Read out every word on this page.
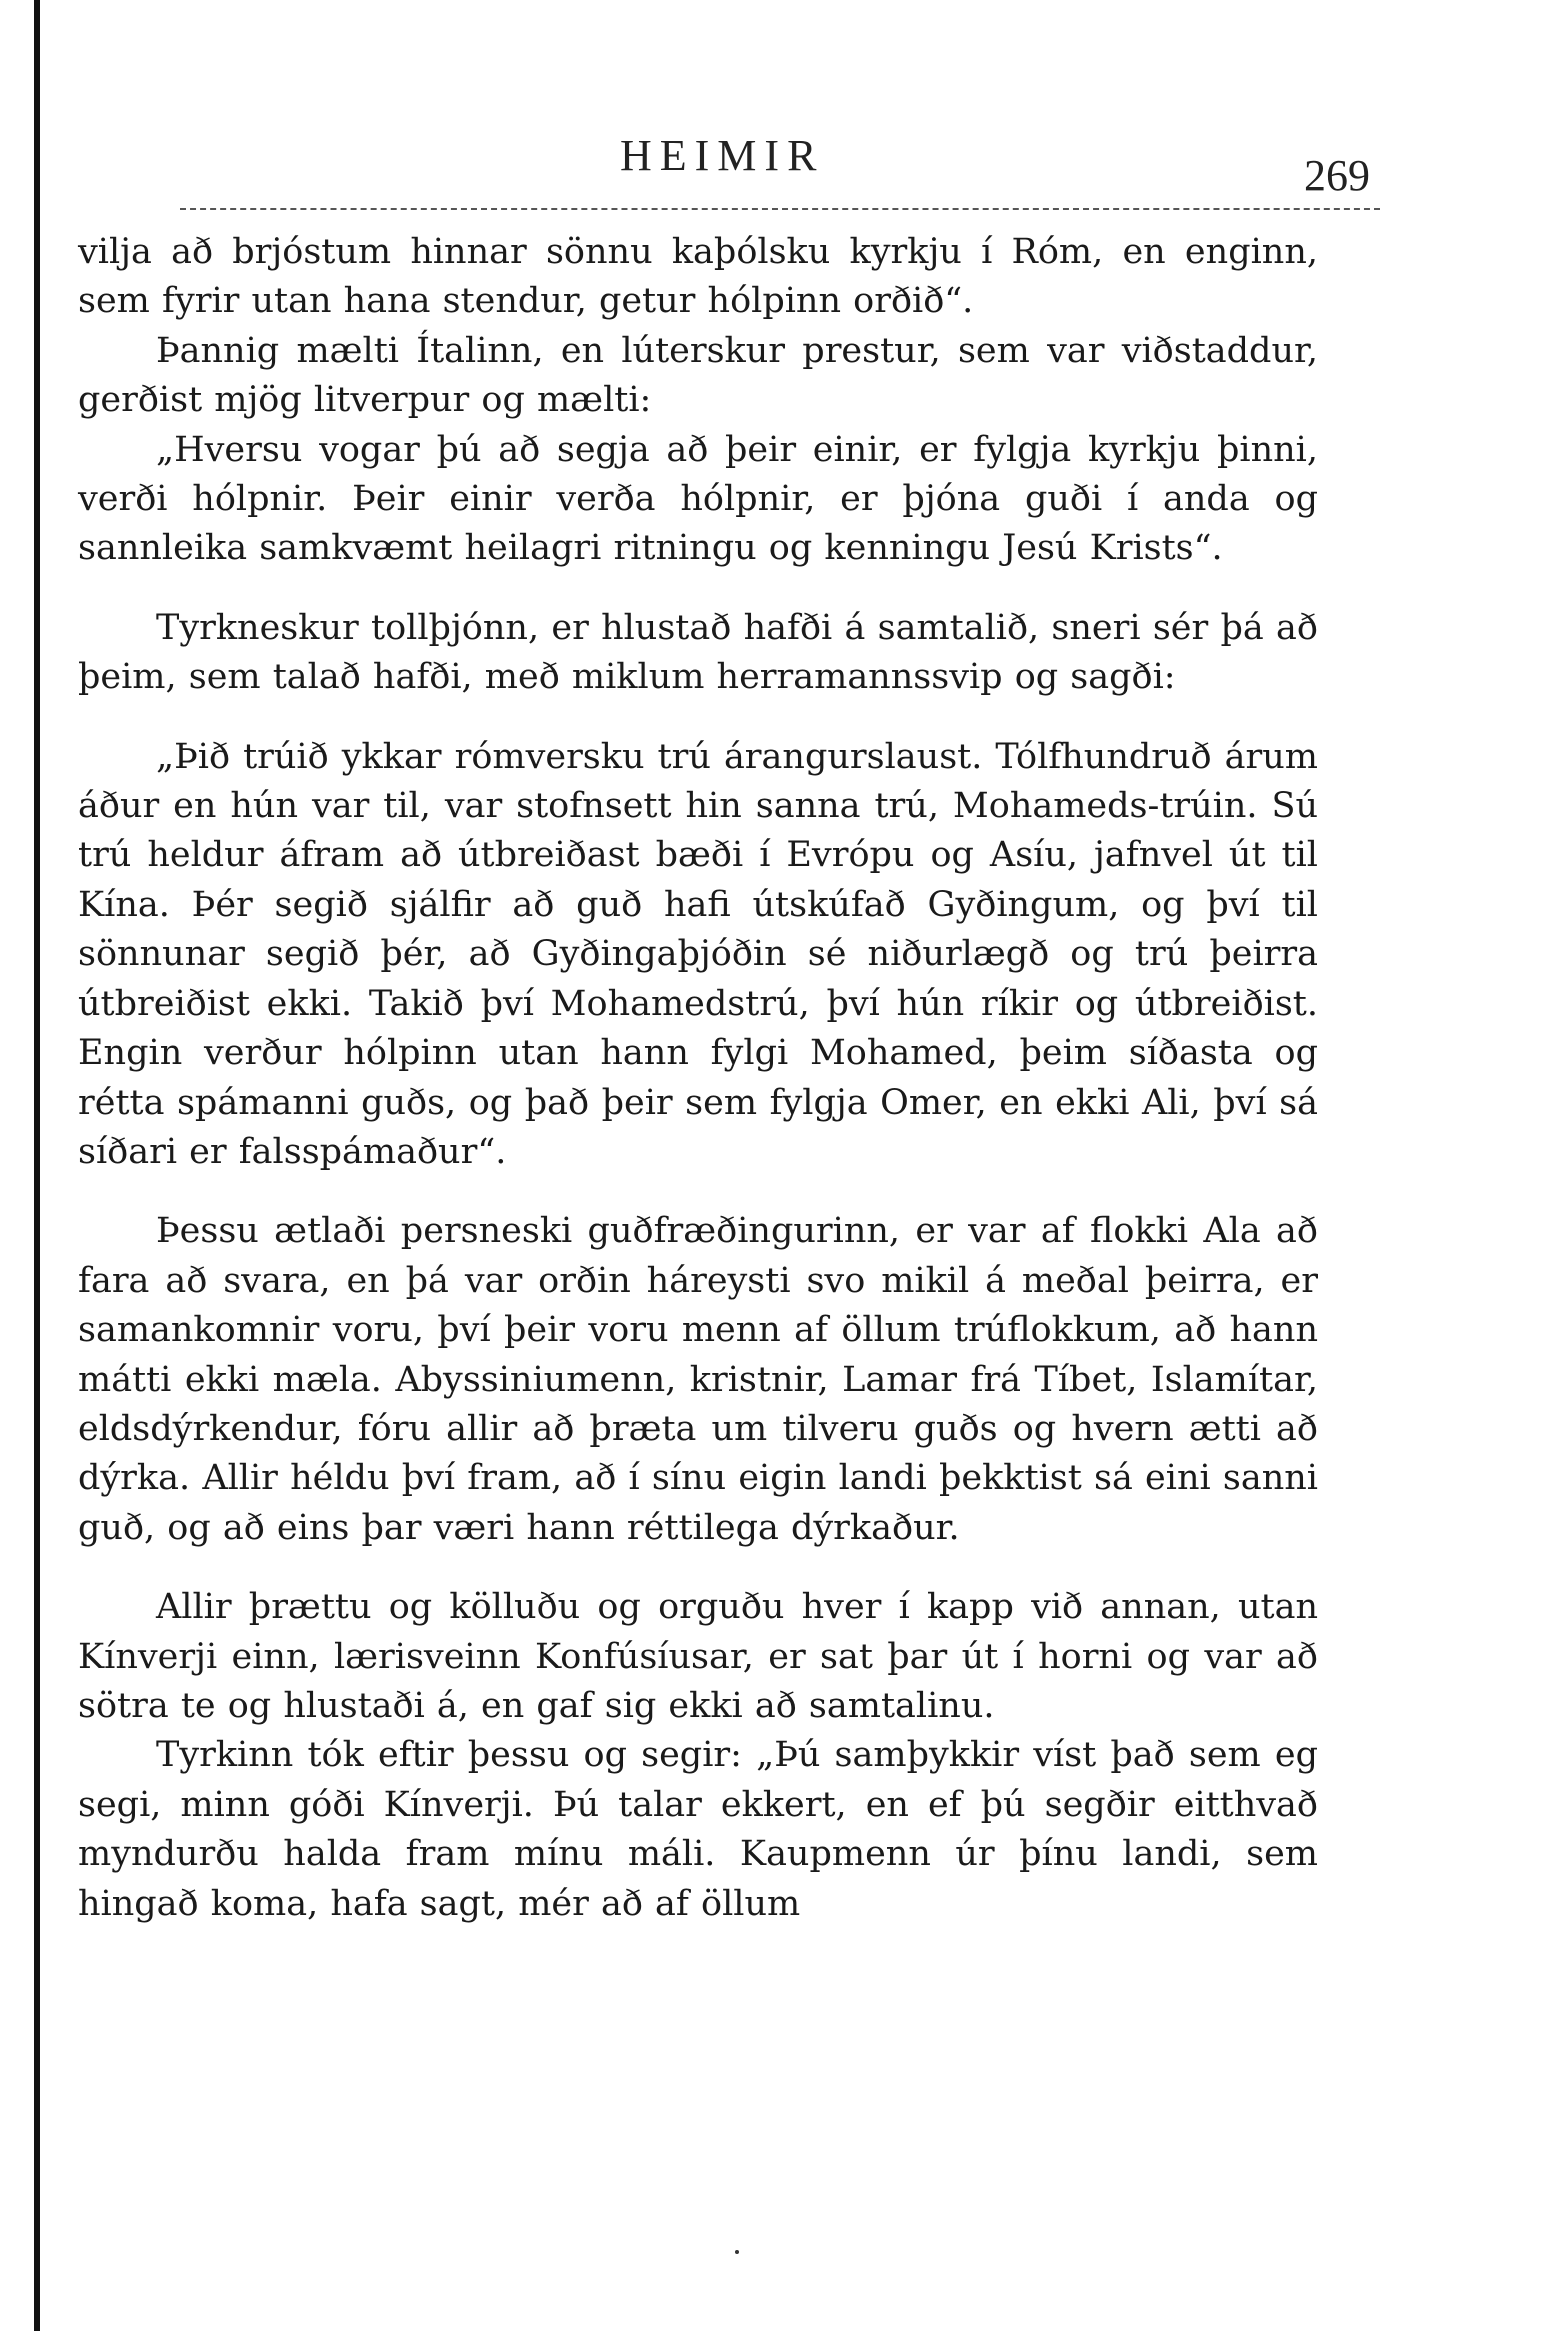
HEIMIR	269

vilja að brjóstum hinnar sönnu kaþólsku kyrkju í Róm, en enginn, sem fyrir utan hana stendur, getur hólpinn orðið“.

Þannig mælti Ítalinn, en lúterskur prestur, sem var viðstaddur, gerðist mjög litverpur og mælti:

„Hversu vogar þú að segja að þeir einir, er fylgja kyrkju þinni, verði hólpnir. Þeir einir verða hólpnir, er þjóna guði í anda og sannleika samkvæmt heilagri ritningu og kenningu Jesú Krists“.

Tyrkneskur tollþjónn, er hlustað hafði á samtalið, sneri sér þá að þeim, sem talað hafði, með miklum herramannssvip og sagði:

„Þið trúið ykkar rómversku trú árangurslaust. Tólfhundruð árum áður en hún var til, var stofnsett hin sanna trú, Mohameds-trúin. Sú trú heldur áfram að útbreiðast bæði í Evrópu og Asíu, jafnvel út til Kína. Þér segið sjálfir að guð hafi útskúfað Gyðingum, og því til sönnunar segið þér, að Gyðingaþjóðin sé niðurlægð og trú þeirra útbreiðist ekki. Takið því Mohamedstrú, því hún ríkir og útbreiðist. Engin verður hólpinn utan hann fylgi Mohamed, þeim síðasta og rétta spámanni guðs, og það þeir sem fylgja Omer, en ekki Ali, því sá síðari er falsspámaður“.

Þessu ætlaði persneski guðfræðingurinn, er var af flokki Ala að fara að svara, en þá var orðin háreysti svo mikil á meðal þeirra, er samankomnir voru, því þeir voru menn af öllum trúflokkum, að hann mátti ekki mæla. Abyssiniumenn, kristnir, Lamar frá Tíbet, Islamítar, eldsdýrkendur, fóru allir að þræta um tilveru guðs og hvern ætti að dýrka. Allir héldu því fram, að í sínu eigin landi þekktist sá eini sanni guð, og að eins þar væri hann réttilega dýrkaður.

Allir þrættu og kölluðu og orguðu hver í kapp við annan, utan Kínverji einn, lærisveinn Konfúsíusar, er sat þar út í horni og var að sötra te og hlustaði á, en gaf sig ekki að samtalinu.

Tyrkinn tók eftir þessu og segir: „Þú samþykkir víst það sem eg segi, minn góði Kínverji. Þú talar ekkert, en ef þú segðir eitthvað myndurðu halda fram mínu máli. Kaupmenn úr þínu landi, sem hingað koma, hafa sagt, mér að af öllum
